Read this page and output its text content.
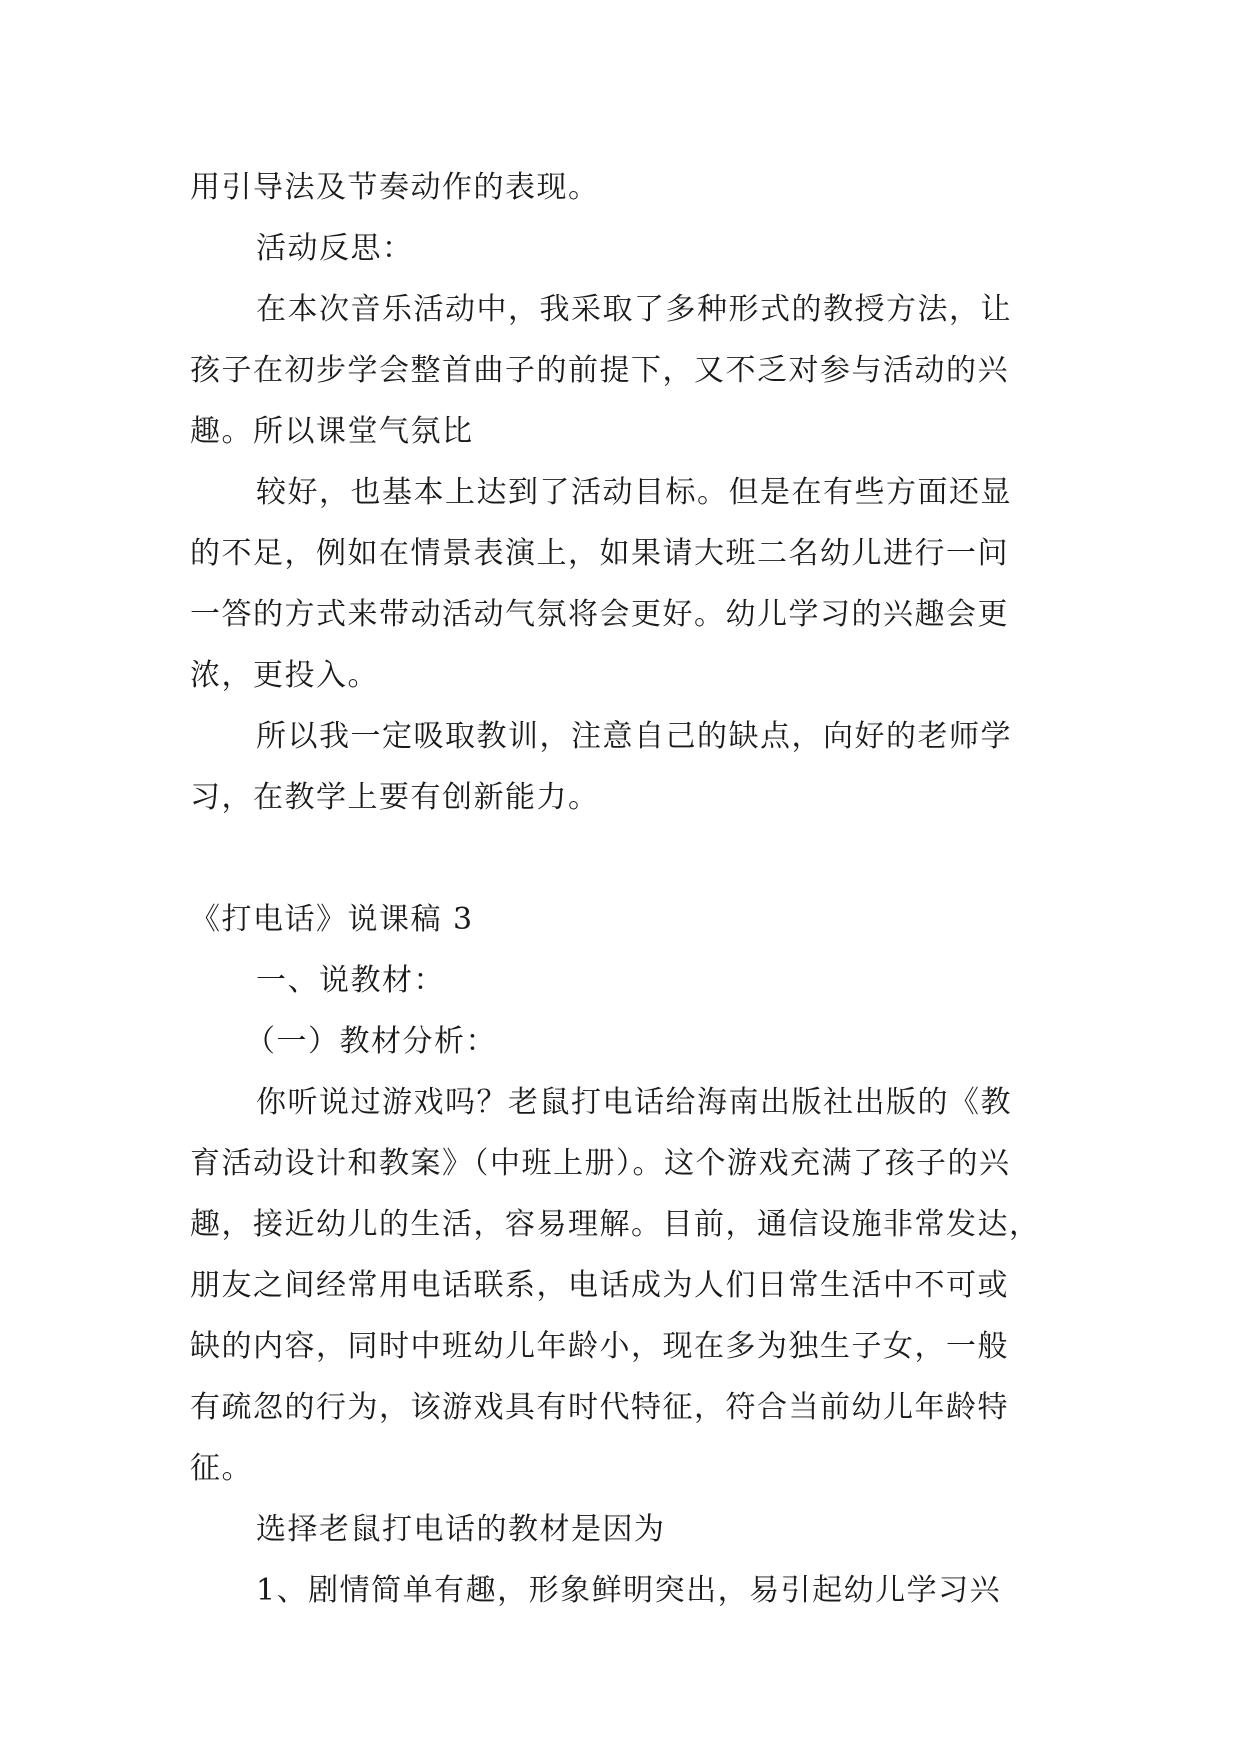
用引导法及节奏动作的表现。
活动反思：
在本次音乐活动中，我采取了多种形式的教授方法，让
孩子在初步学会整首曲子的前提下，又不乏对参与活动的兴
趣。所以课堂气氛比
较好，也基本上达到了活动目标。但是在有些方面还显
的不足，例如在情景表演上，如果请大班二名幼儿进行一问
一答的方式来带动活动气氛将会更好。幼儿学习的兴趣会更
浓，更投入。
所以我一定吸取教训，注意自己的缺点，向好的老师学
习，在教学上要有创新能力。
《打电话》说课稿 3
一、说教材：
（一）教材分析：
你听说过游戏吗？老鼠打电话给海南出版社出版的《教
育活动设计和教案》（中班上册）。这个游戏充满了孩子的兴
趣，接近幼儿的生活，容易理解。目前，通信设施非常发达，
朋友之间经常用电话联系，电话成为人们日常生活中不可或
缺的内容，同时中班幼儿年龄小，现在多为独生子女，一般
有疏忽的行为，该游戏具有时代特征，符合当前幼儿年龄特
征。
选择老鼠打电话的教材是因为
1、剧情简单有趣，形象鲜明突出，易引起幼儿学习兴
